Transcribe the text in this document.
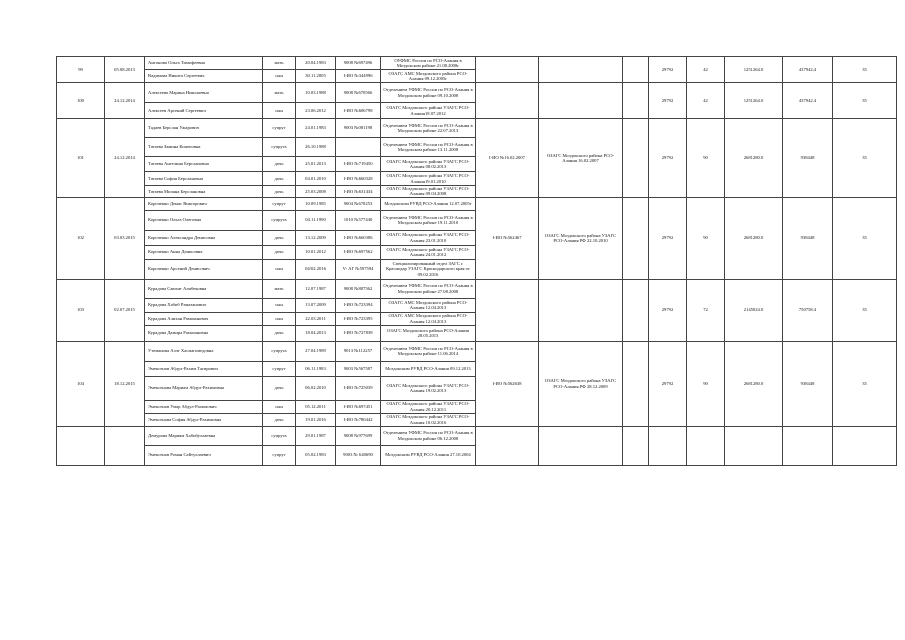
99	05.08.2013	Антонова Ольга Тимофеевна	мать	20.04.1983	9008 №697496	ОУФМС России по РСО-Алания в Моздокском районе 21.08.2008г				29792	42	1251264.0	437942,4	35
		Вадимова Никита Сергеевич	сын	30.11.2005	I-ИО №344996	ОЗАГС АМС Моздокского района РСО-Алания 09.12.2005г								
100	24.12.2014	Алексеева Марина Николаевна	мать	10.03.1988	9008 №670566	Отделением УФМС России по РСО-Алания в Моздокском районе 09.10.2008				29792	42	1251264.0	437942.4	35
		Алексеев Арсений Сергеевич	сын	23.06.2012	I-ИО №606798	ОЗАГС Моздокского района УЗАГС РСО-Алания18.07.2012								
101	24.12.2014	Тадаев Берслан Ужарович	супруг	24.01.1983	9003 №081198	Отделением УФМС России по РСО-Алания в Моздокском районе 22.07.2013	I-ИО №16.02.2007	ОЗАГС Моздокского района РСО-Алания 16.02.2007		29792	90	2681280.0	938448	35
		Татаева Замина Конеповна	супруга	26.10.1988		Отделением УФМС России по РСО-Алания в Моздокском районе 13.11.2008								
		Татаева Ангелина Берслановна	дочь	25.01.2013	I-ИО №719450	ОЗАГС Моздокского района УЗАГС РСО-Алания 08.02.2013								
		Татаева София Берслановна	дочь	04.01.2010	I-ИО №660328	ОЗАГС Моздокского района УЗАГС РСО-Алания19.01.2010								
		Татаева Милана Берслановна	дочь	25.03.2008	I-ИО №631434	ОЗАГС Моздокского района УЗАГС РСО-Алания 09.04.2008								
102	03.03.2015	Короченко Денис Викторович	супруг	10.09.1985	9004 №670253	Моздокским РУВД РСО-Алания 12.07.2005г	I-ИО №562467	ОЗАГС Моздокского района УЗАГС РСО-Алания РФ 22.10.2010		29792	90	2681280.0	938448	35
		Короченко Ольга Олеговна	супруга	04.11.1990	1010 №577440	Отделением УФМС России по РСО-Алания в Моздокском районе 19.11.2010								
		Короченко Александра Денисовна	дочь	13.12.2009	I-ИО №660386	ОЗАГС Моздокского района УЗАГС РСО-Алания 23.01.2010								
		Короченко Анна Денисовна	дочь	10.01.2012	I-ИО №697562	ОЗАГС Моздокского района УЗАГС РСО-Алания 24.01.2012								
		Короченко Арсений Денисович	сын	04/02.2016	V- АГ №597594	Специализированный отдел ЗАГС г. Краснодар УЗАГС Краснодарского края от 09.02.2016								
103	02.07.2015	Курадова Саюхат Алибековна	мать	12.07.1987	9008 №807562	Отделением УФМС России по РСО-Алания в Моздокском районе 27.08.2008				29792	72	2145024.0	750758.4	35
		Курадова Хабиб Рамазанович	сын	13.07.2009	I-ИО №723394	ОЗАГС АМС Моздокского района РСО-Алания 12.04.2013								
		Курадова Алихан Рамазанович	сын	22.03.2011	I-ИО №723395	ОЗАГС АМС Моздокского района РСО-Алания 12.04.2013								
		Курадова Дамира Рамазановна	дочь	18.04.2013	I-ИО №727838	ОЗАГС Моздокского района РСО-Алания 28.05.2013								
104	18.12.2015	Утеманова Аэлт Хасмагомедовна	супруга	27.04.1989	9013 №112257	Отделением УФМС России по РСО-Алания в Моздокском районе 11.06.2014	I-ИО №562638	ОЗАГС Моздокского района УЗАГС РСО-Алания РФ 28.12.2009		29792	90	2681280.0	938448	35
		Эмексенов Абдул-Рахим Тагирович	супруг	06.11.1983	9003 №567587	Моздокским РУВД РСО-Алания 09.12.2013								
		Эмексенова Мариам Абдул-Рахимовна	дочь	06.02.2010	I-ИО №725039	ОЗАГС Моздокского района УЗАГС РСО-Алания 19.02.2013								
		Эмексенов Умар Абдул-Рахимович	сын	05.12.2011	I-ИО №697451	ОЗАГС Моздокского района УЗАГС РСО-Алания 20.12.2011								
		Эмексенова София Абдул-Рахимовна	дочь	19.01.2016	I-ИО №780442	ОЗАГС Моздокского района УЗАГС РСО-Алания 10.02.2016								
		Демурова Мариям Хабибуллаевна	супруга	29.01.1987	9008 №977699	Отделением УФМС России по РСО-Алания в Моздокском районе 06.12.2008								
		Эмексенов Роман Сайтуллаевич	супруг	05.02.1983	9003 № 640690	Моздокским РУВД РСО-Алания 27.10.2004								
